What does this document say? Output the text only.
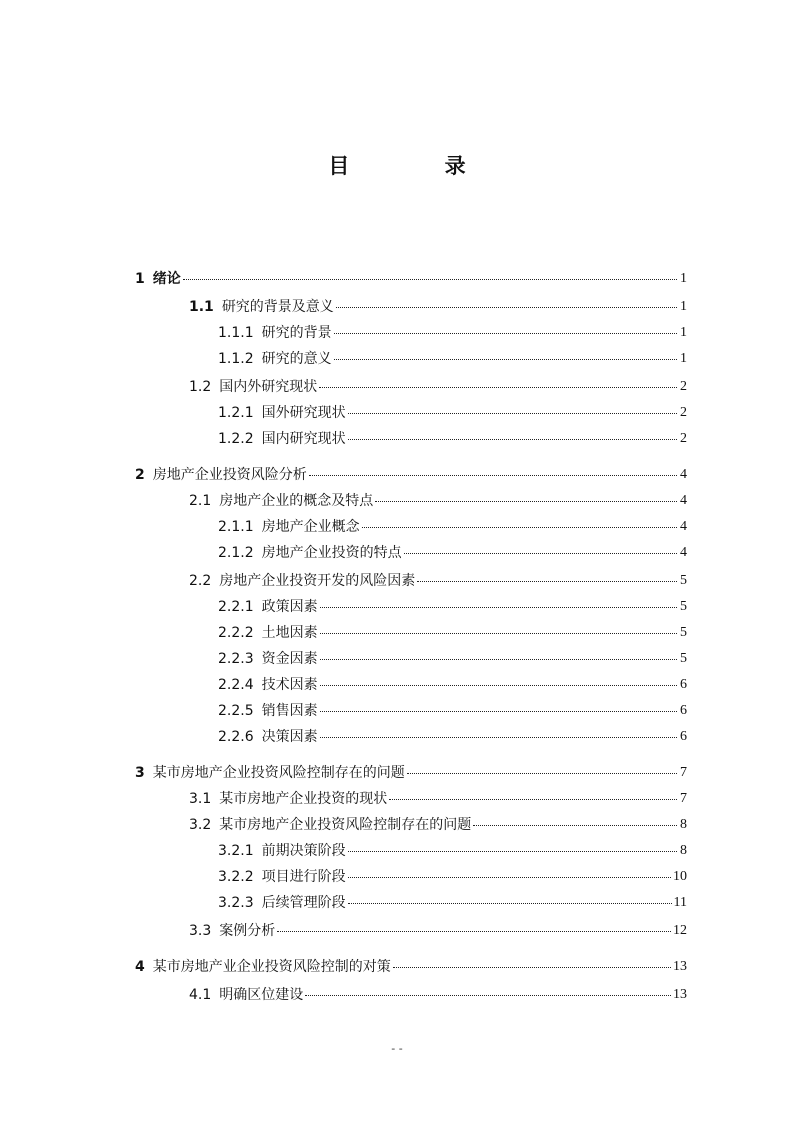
目 录
1 绪论	1
1.1 研究的背景及意义	1
1.1.1 研究的背景	1
1.1.2 研究的意义	1
1.2 国内外研究现状	2
1.2.1 国外研究现状	2
1.2.2 国内研究现状	2
2 房地产企业投资风险分析	4
2.1 房地产企业的概念及特点	4
2.1.1 房地产企业概念	4
2.1.2 房地产企业投资的特点	4
2.2 房地产企业投资开发的风险因素	5
2.2.1 政策因素	5
2.2.2 土地因素	5
2.2.3 资金因素	5
2.2.4 技术因素	6
2.2.5 销售因素	6
2.2.6 决策因素	6
3 某市房地产企业投资风险控制存在的问题	7
3.1 某市房地产企业投资的现状	7
3.2 某市房地产企业投资风险控制存在的问题	8
3.2.1 前期决策阶段	8
3.2.2 项目进行阶段	10
3.2.3 后续管理阶段	11
3.3 案例分析	12
4 某市房地产业企业投资风险控制的对策	13
4.1 明确区位建设	13
- -
